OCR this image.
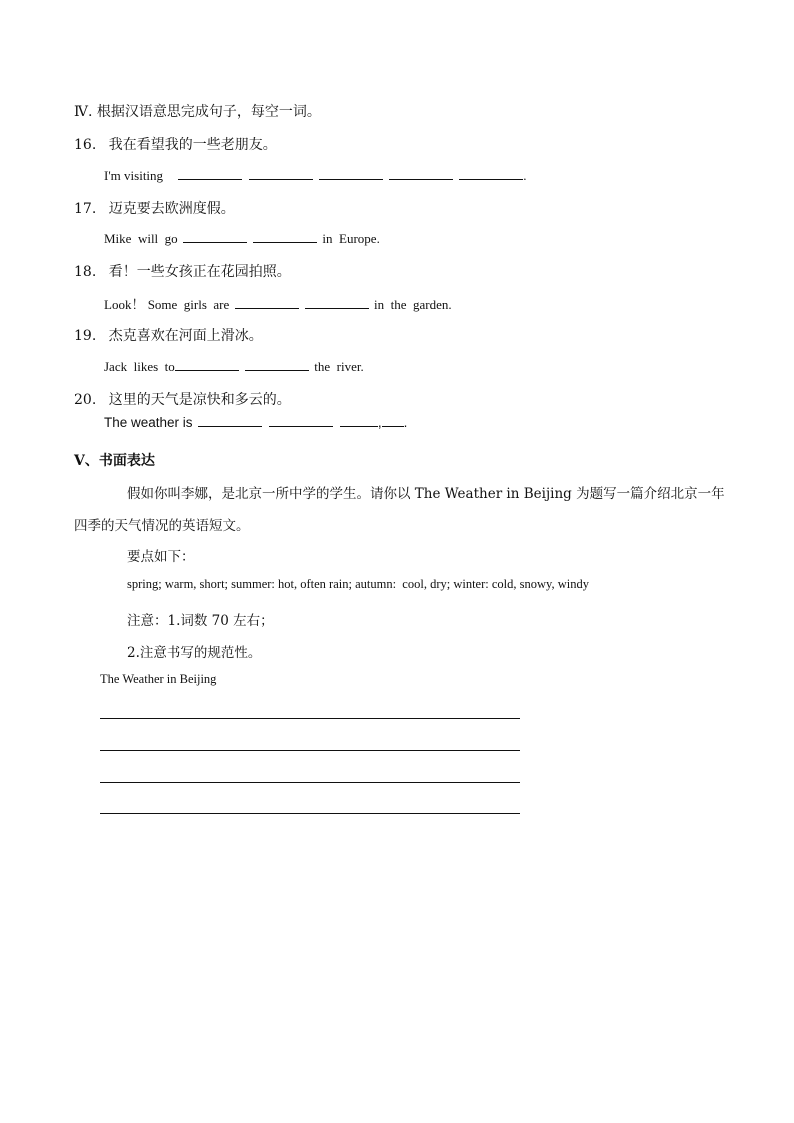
Ⅳ. 根据汉语意思完成句子，每空一词。
16. 我在看望我的一些老朋友。
I'm visiting	.
17. 迈克要去欧洲度假。
Mike  will  go	in  Europe.
18. 看！一些女孩正在花园拍照。
Look！ Some  girls  are	in  the  garden.
19. 杰克喜欢在河面上滑冰。
Jack  likes  to	the  river.
20. 这里的天气是凉快和多云的。
The weather is	, .
Ⅴ、书面表达
假如你叫李娜，是北京一所中学的学生。请你以 The Weather in Beijing 为题写一篇介绍北京一年
四季的天气情况的英语短文。
要点如下：
spring; warm, short; summer: hot, often rain; autumn:  cool, dry; winter: cold, snowy, windy
注意：1.词数 70 左右；
2.注意书写的规范性。
The Weather in Beijing
